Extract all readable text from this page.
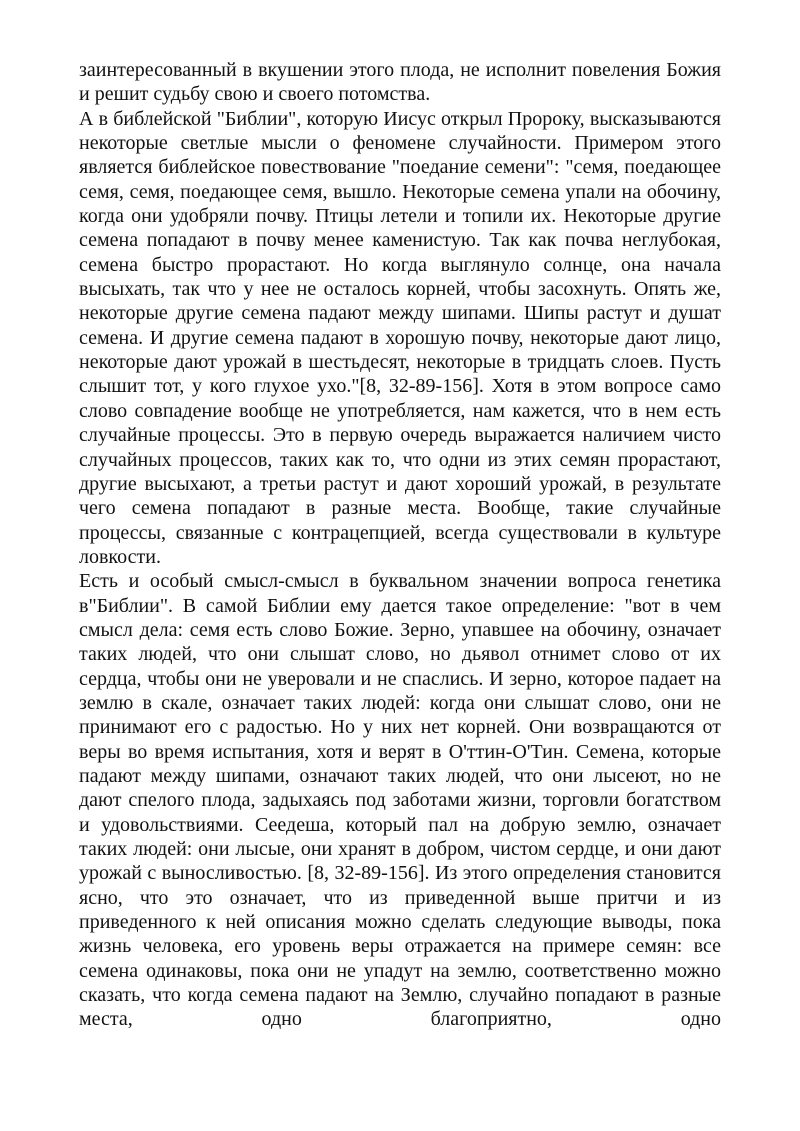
заинтересованный в вкушении этого плода, не исполнит повеления Божия и решит судьбу свою и своего потомства.

А в библейской "Библии", которую Иисус открыл Пророку, высказываются некоторые светлые мысли о феномене случайности. Примером этого является библейское повествование "поедание семени": "семя, поедающее семя, семя, поедающее семя, вышло. Некоторые семена упали на обочину, когда они удобряли почву. Птицы летели и топили их. Некоторые другие семена попадают в почву менее каменистую. Так как почва неглубокая, семена быстро прорастают. Но когда выглянуло солнце, она начала высыхать, так что у нее не осталось корней, чтобы засохнуть. Опять же, некоторые другие семена падают между шипами. Шипы растут и душат семена. И другие семена падают в хорошую почву, некоторые дают лицо, некоторые дают урожай в шестьдесят, некоторые в тридцать слоев. Пусть слышит тот, у кого глухое ухо."[8, 32-89-156]. Хотя в этом вопросе само слово совпадение вообще не употребляется, нам кажется, что в нем есть случайные процессы. Это в первую очередь выражается наличием чисто случайных процессов, таких как то, что одни из этих семян прорастают, другие высыхают, а третьи растут и дают хороший урожай, в результате чего семена попадают в разные места. Вообще, такие случайные процессы, связанные с контрацепцией, всегда существовали в культуре ловкости.

Есть и особый смысл-смысл в буквальном значении вопроса генетика в"Библии". В самой Библии ему дается такое определение: "вот в чем смысл дела: семя есть слово Божие. Зерно, упавшее на обочину, означает таких людей, что они слышат слово, но дьявол отнимет слово от их сердца, чтобы они не уверовали и не спаслись. И зерно, которое падает на землю в скале, означает таких людей: когда они слышат слово, они не принимают его с радостью. Но у них нет корней. Они возвращаются от веры во время испытания, хотя и верят в О'ттин-О'Тин. Семена, которые падают между шипами, означают таких людей, что они лысеют, но не дают спелого плода, задыхаясь под заботами жизни, торговли богатством и удовольствиями. Сеедеша, который пал на добрую землю, означает таких людей: они лысые, они хранят в добром, чистом сердце, и они дают урожай с выносливостью. [8, 32-89-156]. Из этого определения становится ясно, что это означает, что из приведенной выше притчи и из приведенного к ней описания можно сделать следующие выводы, пока жизнь человека, его уровень веры отражается на примере семян: все семена одинаковы, пока они не упадут на землю, соответственно можно сказать, что когда семена падают на Землю, случайно попадают в разные места, одно благоприятно, одно
